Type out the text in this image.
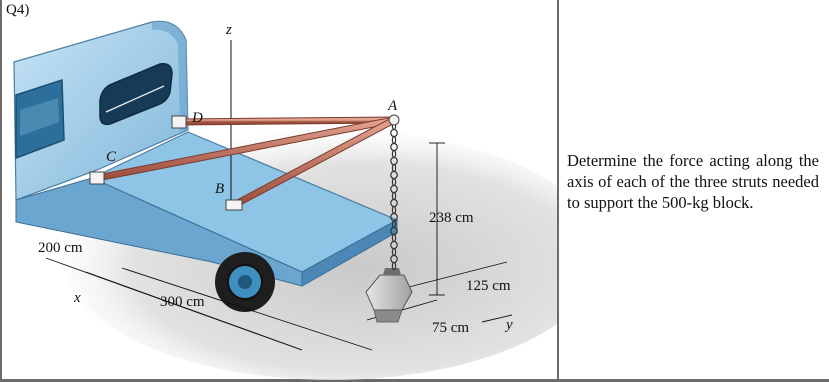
Q4)
A
B
C
D
z
x
y
200 cm
300 cm
238 cm
125 cm
75 cm
Determine the force acting along the axis of each of the three struts needed to support the 500-kg block.
